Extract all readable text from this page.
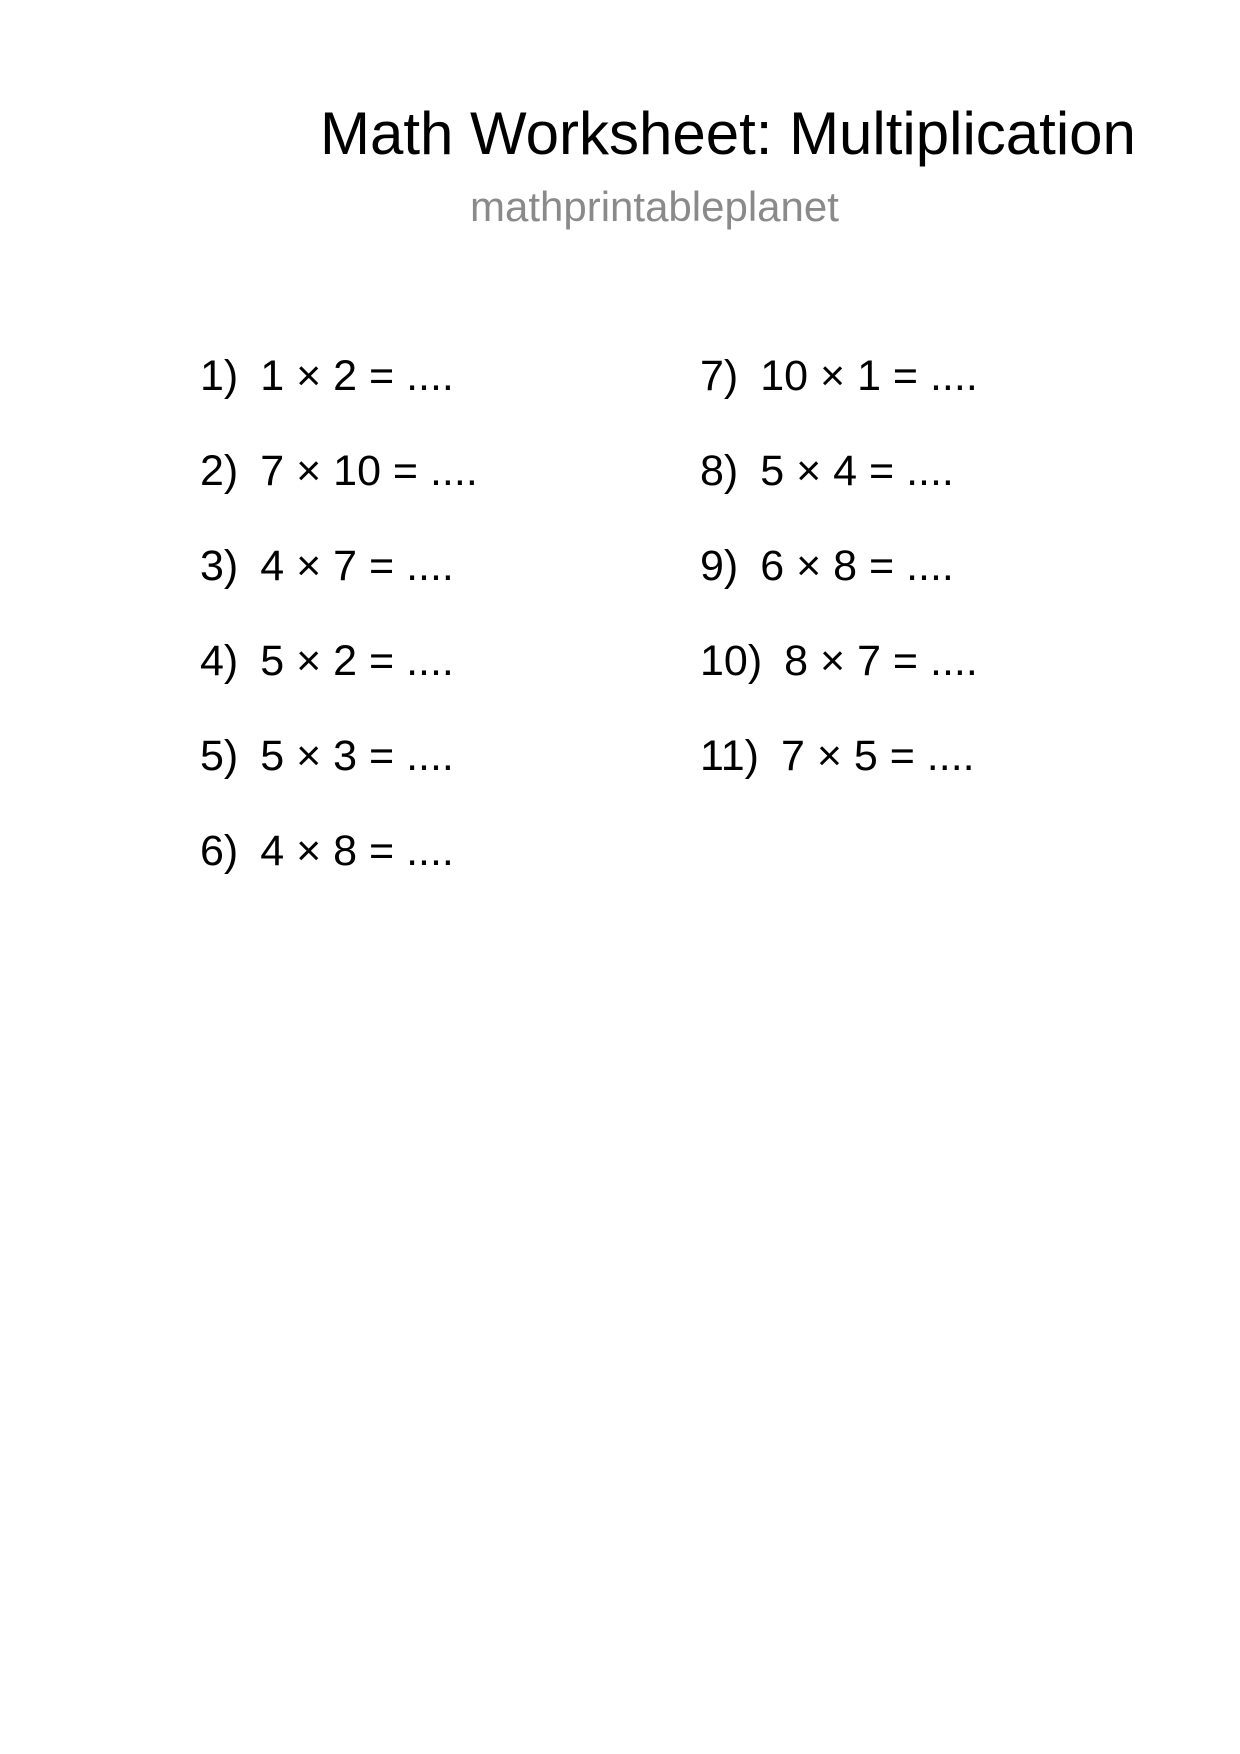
Math Worksheet: Multiplication
mathprintableplanet
1) 1 × 2 = ....
2) 7 × 10 = ....
3) 4 × 7 = ....
4) 5 × 2 = ....
5) 5 × 3 = ....
6) 4 × 8 = ....
7) 10 × 1 = ....
8) 5 × 4 = ....
9) 6 × 8 = ....
10) 8 × 7 = ....
11) 7 × 5 = ....
